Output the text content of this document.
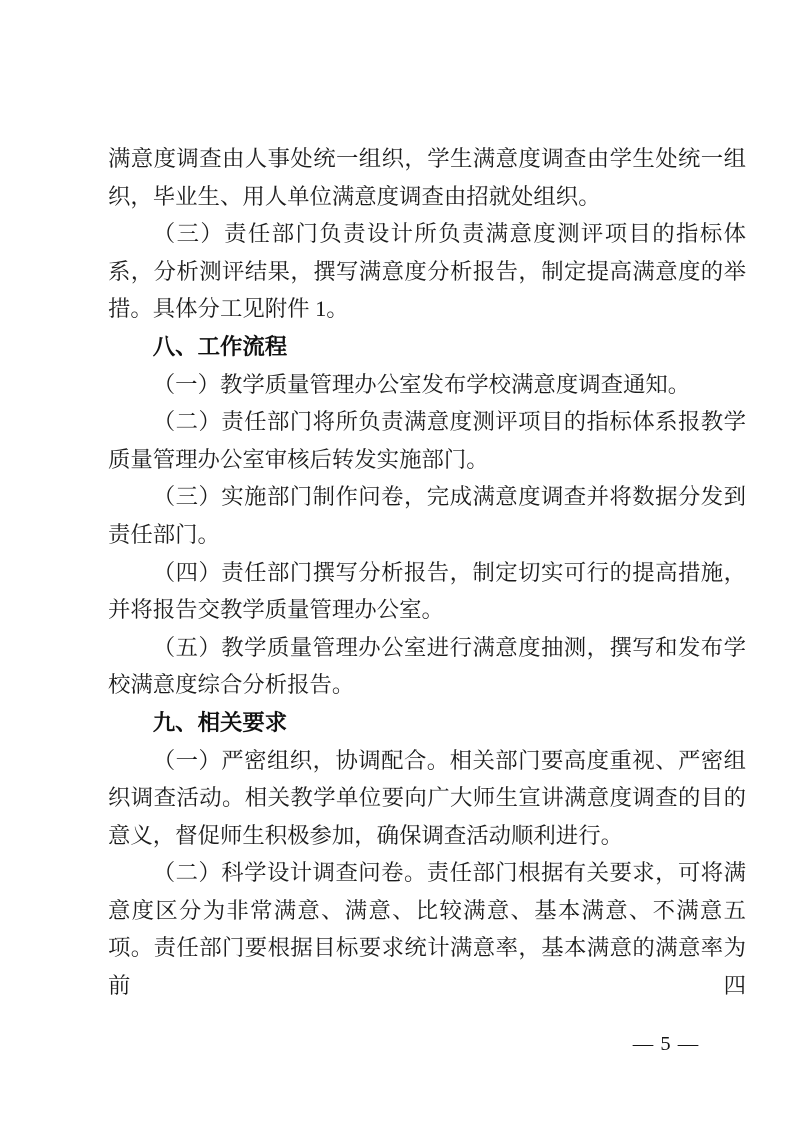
满意度调查由人事处统一组织，学生满意度调查由学生处统一组织，毕业生、用人单位满意度调查由招就处组织。

（三）责任部门负责设计所负责满意度测评项目的指标体系，分析测评结果，撰写满意度分析报告，制定提高满意度的举措。具体分工见附件 1。

八、工作流程

（一）教学质量管理办公室发布学校满意度调查通知。

（二）责任部门将所负责满意度测评项目的指标体系报教学质量管理办公室审核后转发实施部门。

（三）实施部门制作问卷，完成满意度调查并将数据分发到责任部门。

（四）责任部门撰写分析报告，制定切实可行的提高措施，并将报告交教学质量管理办公室。

（五）教学质量管理办公室进行满意度抽测，撰写和发布学校满意度综合分析报告。

九、相关要求

（一）严密组织，协调配合。相关部门要高度重视、严密组织调查活动。相关教学单位要向广大师生宣讲满意度调查的目的意义，督促师生积极参加，确保调查活动顺利进行。

（二）科学设计调查问卷。责任部门根据有关要求，可将满意度区分为非常满意、满意、比较满意、基本满意、不满意五项。责任部门要根据目标要求统计满意率，基本满意的满意率为前四

— 5 —
